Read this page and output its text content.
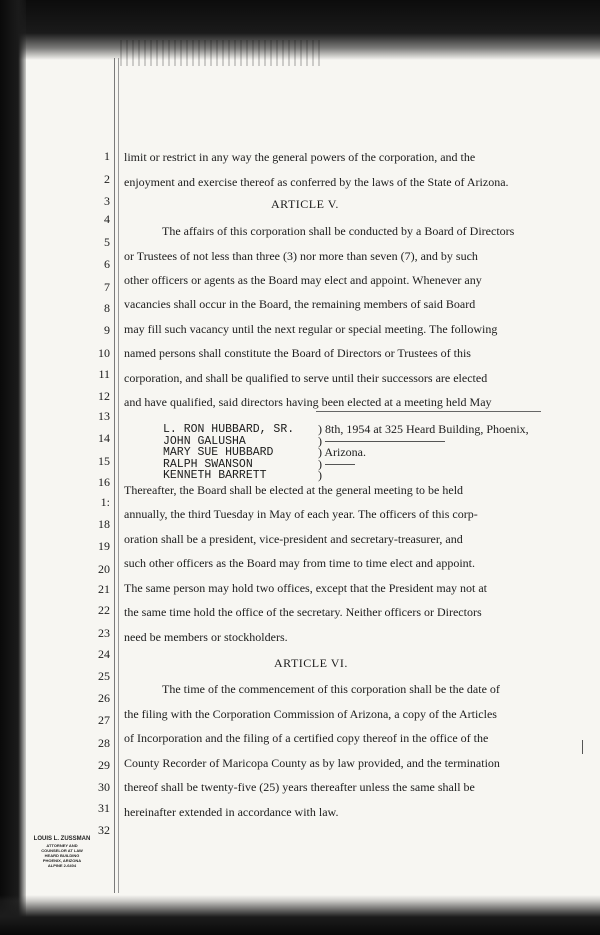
1
2
3
4
5
6
7
8
9
10
11
12
13
14
15
16
1:
18
19
20
21
22
23
24
25
26
27
28
29
30
31
32
limit or restrict in any way the general powers of the corporation, and the
enjoyment and exercise thereof as conferred by the laws of the State of Arizona.
ARTICLE V.
The affairs of this corporation shall be conducted by a Board of Directors
or Trustees of not less than three (3) nor more than seven (7), and by such
other officers or agents as the Board may elect and appoint. Whenever any
vacancies shall occur in the Board, the remaining members of said Board
may fill such vacancy until the next regular or special meeting. The following
named persons shall constitute the Board of Directors or Trustees of this
corporation, and shall be qualified to serve until their successors are elected
and have qualified, said directors having been elected at a meeting held May
Thereafter, the Board shall be elected at the general meeting to be held
annually, the third Tuesday in May of each year. The officers of this corp-
oration shall be a president, vice-president and secretary-treasurer, and
such other officers as the Board may from time to time elect and appoint.
The same person may hold two offices, except that the President may not at
the same time hold the office of the secretary. Neither officers or Directors
need be members or stockholders.
ARTICLE VI.
The time of the commencement of this corporation shall be the date of
the filing with the Corporation Commission of Arizona, a copy of the Articles
of Incorporation and the filing of a certified copy thereof in the office of the
County Recorder of Maricopa County as by law provided, and the termination
thereof shall be twenty-five (25) years thereafter unless the same shall be
hereinafter extended in accordance with law.
L. RON HUBBARD, SR.
JOHN GALUSHA
MARY SUE HUBBARD
RALPH SWANSON
KENNETH BARRETT
) 8th, 1954 at 325 Heard Building, Phoenix,
)
) Arizona.
)
)
LOUIS L. ZUSSMAN
ATTORNEY AND
COUNSELOR AT LAW
HEARD BUILDING
PHOENIX, ARIZONA
ALPINE 2-6404
